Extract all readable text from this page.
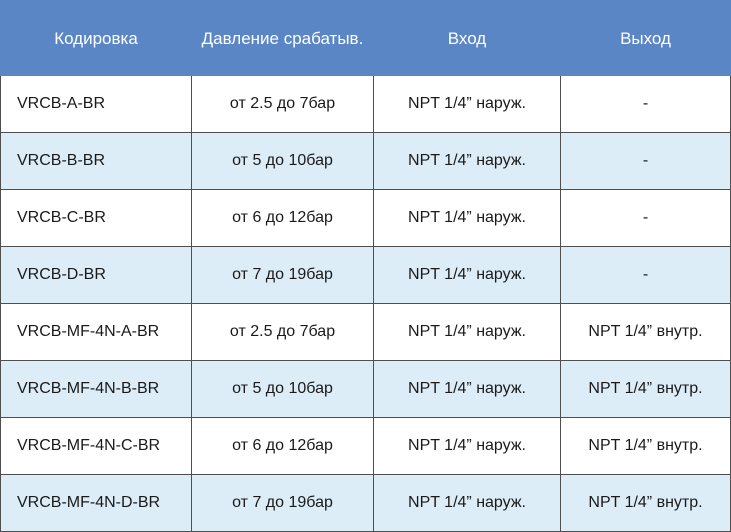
Кодировка	Давление срабатыв.	Вход	Выход
VRCB-A-BR	от 2.5 до 7бар	NPT 1/4” наруж.	-
VRCB-B-BR	от 5 до 10бар	NPT 1/4” наруж.	-
VRCB-C-BR	от 6 до 12бар	NPT 1/4” наруж.	-
VRCB-D-BR	от 7 до 19бар	NPT 1/4” наруж.	-
VRCB-MF-4N-A-BR	от 2.5 до 7бар	NPT 1/4” наруж.	NPT 1/4” внутр.
VRCB-MF-4N-B-BR	от 5 до 10бар	NPT 1/4” наруж.	NPT 1/4” внутр.
VRCB-MF-4N-C-BR	от 6 до 12бар	NPT 1/4” наруж.	NPT 1/4” внутр.
VRCB-MF-4N-D-BR	от 7 до 19бар	NPT 1/4” наруж.	NPT 1/4” внутр.
